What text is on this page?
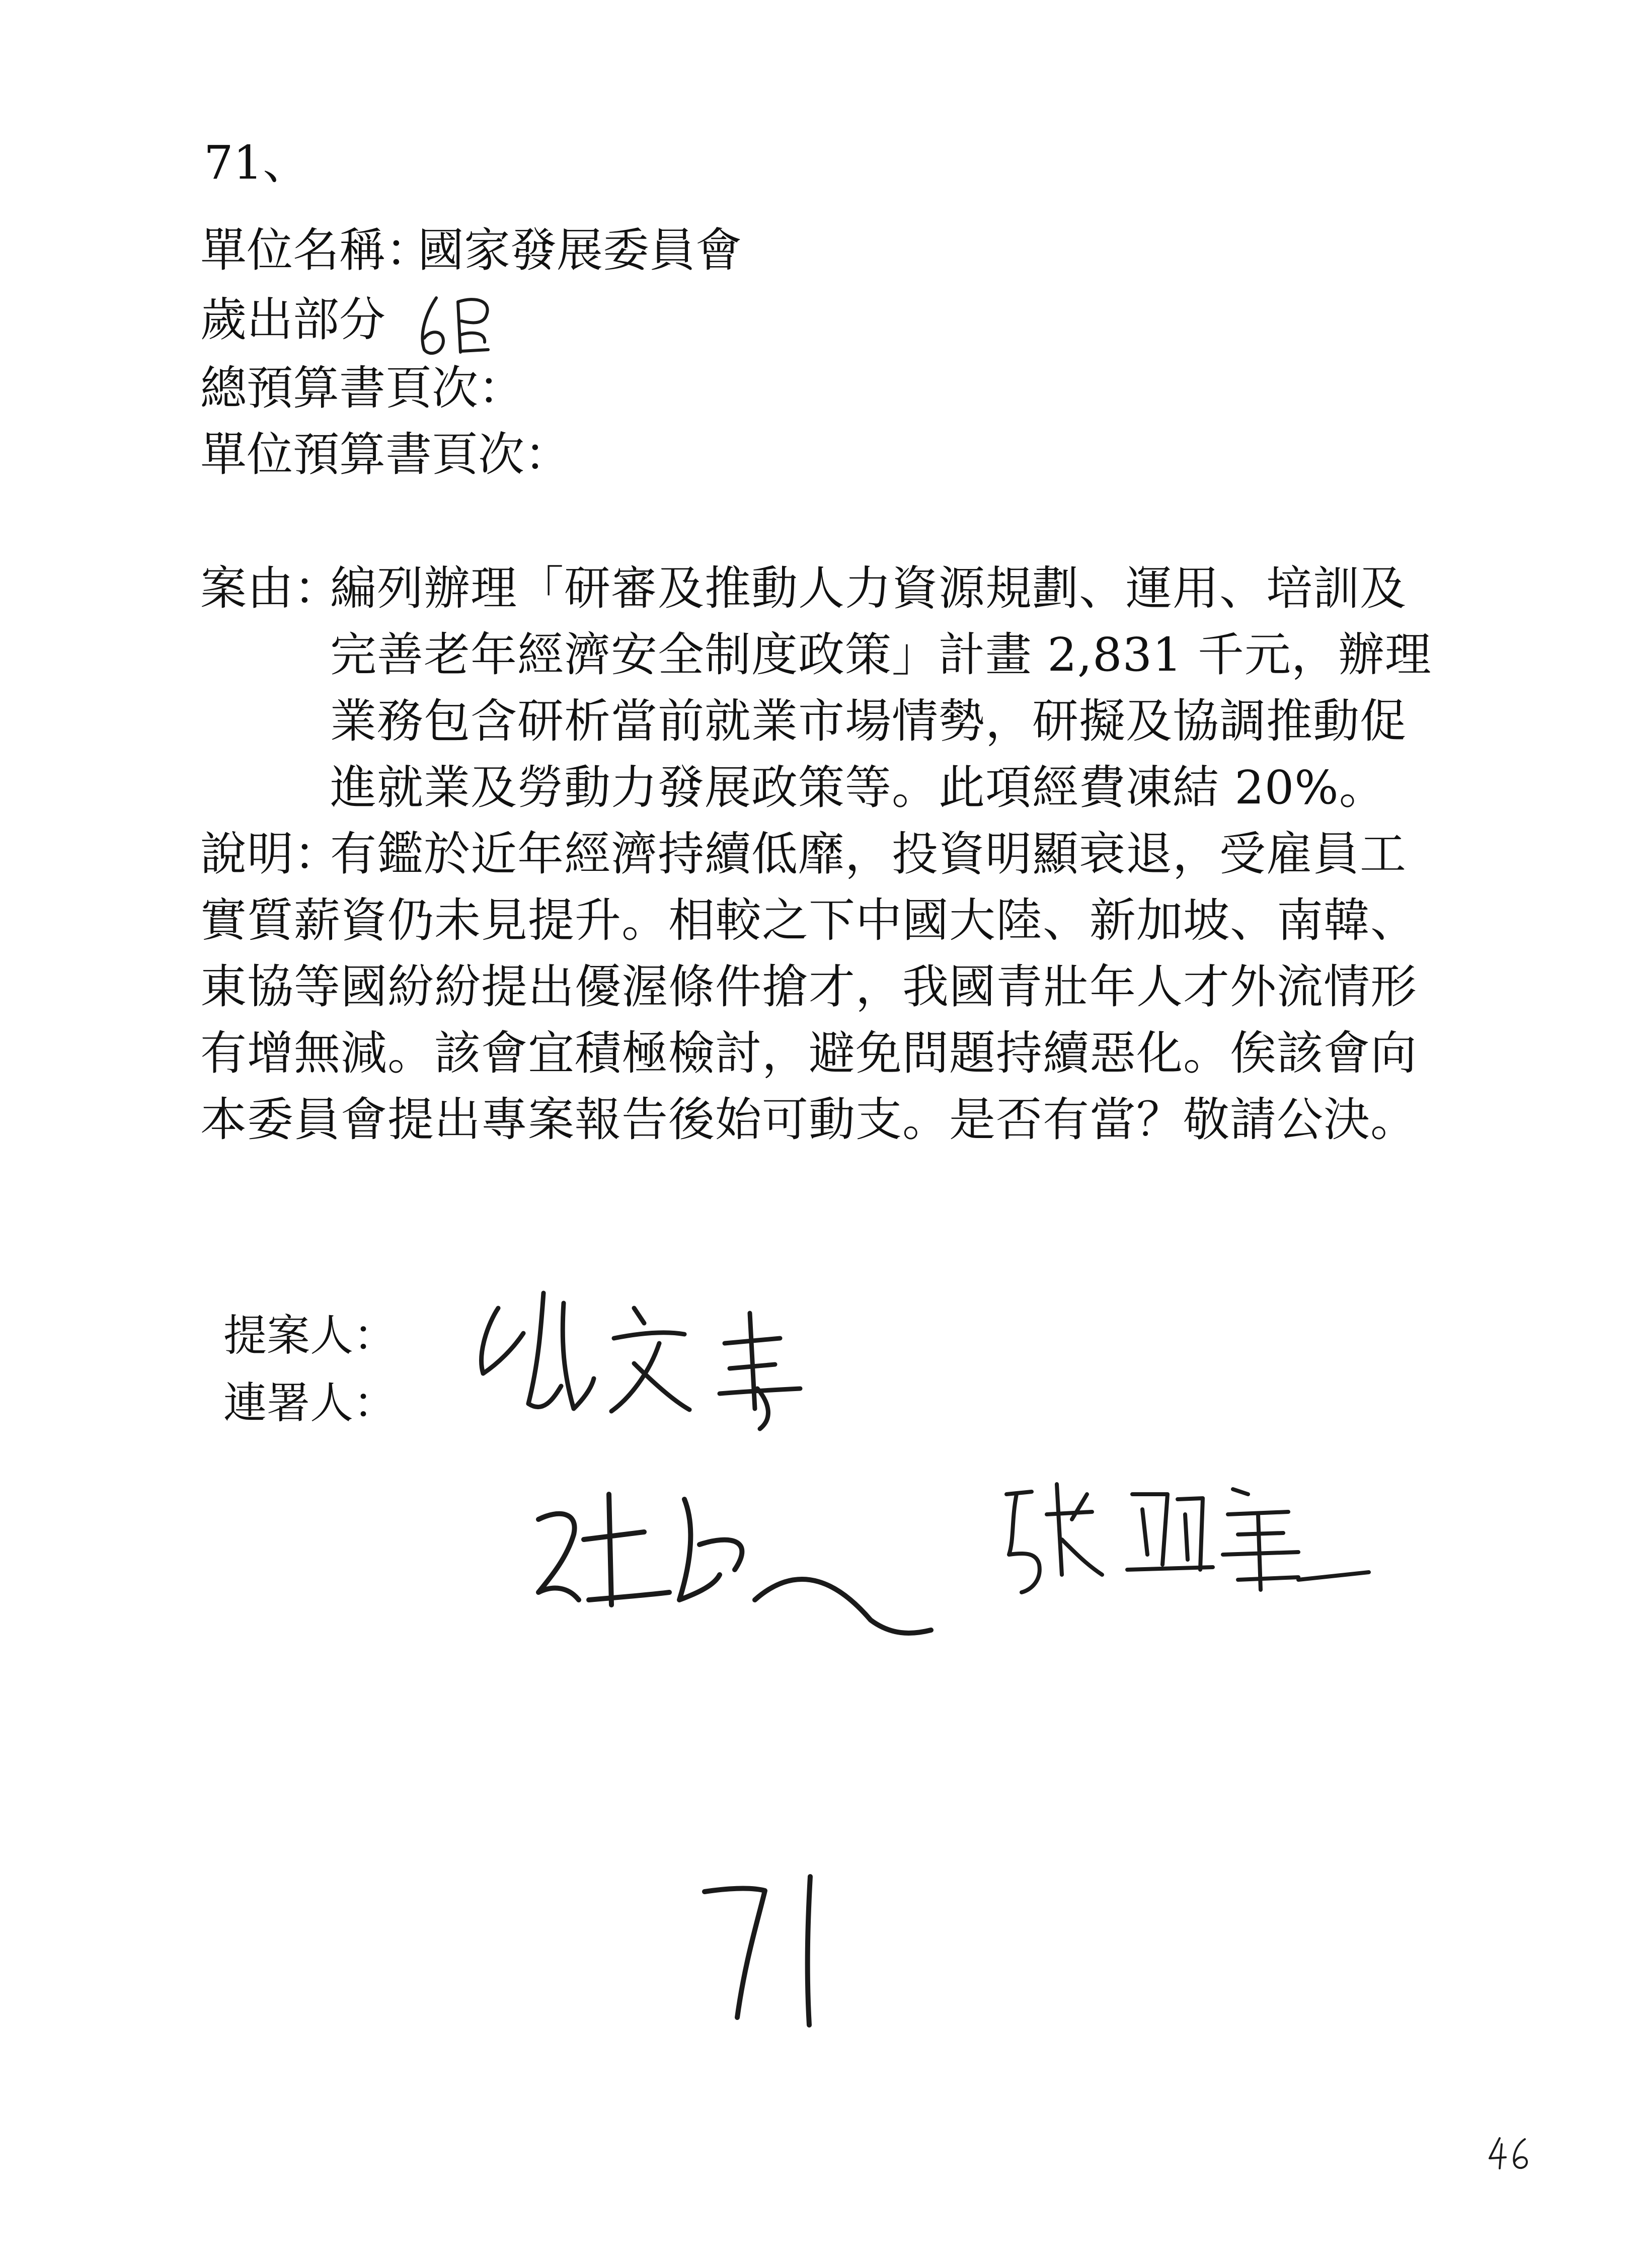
71、
單位名稱：
國家發展委員會
歲出部分
總預算書頁次：
單位預算書頁次：
案由：
編列辦理「研審及推動人力資源規劃、運用、培訓及
完善老年經濟安全制度政策」計畫 2,831 千元，辦理
業務包含研析當前就業市場情勢，研擬及協調推動促
進就業及勞動力發展政策等。此項經費凍結 20%。
說明：
有鑑於近年經濟持續低靡，投資明顯衰退，受雇員工
實質薪資仍未見提升。相較之下中國大陸、新加坡、南韓、
東協等國紛紛提出優渥條件搶才，我國青壯年人才外流情形
有增無減。該會宜積極檢討，避免問題持續惡化。俟該會向
本委員會提出專案報告後始可動支。是否有當？敬請公決。
提案人：
連署人：
